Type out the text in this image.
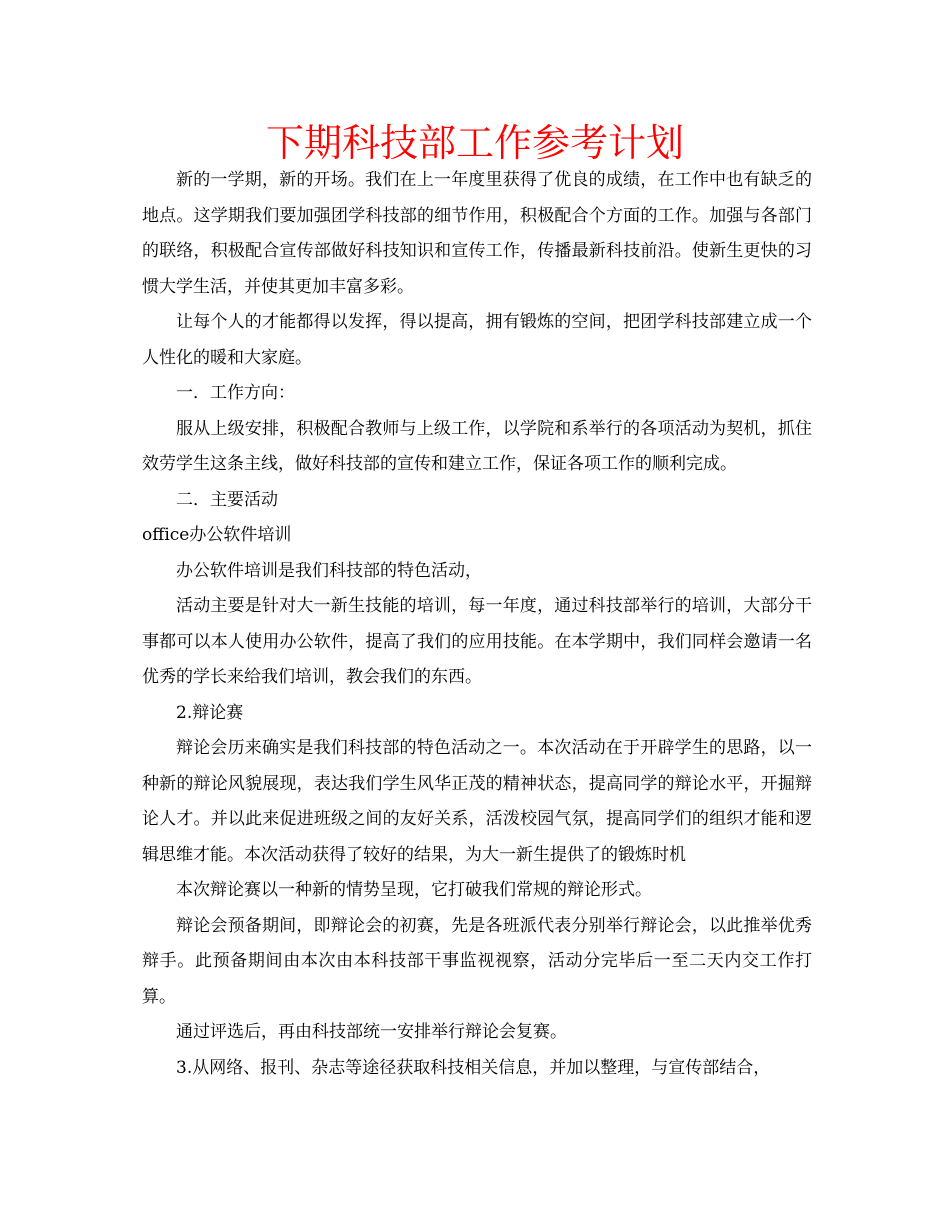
下期科技部工作参考计划

新的一学期，新的开场。我们在上一年度里获得了优良的成绩，在工作中也有缺乏的地点。这学期我们要加强团学科技部的细节作用，积极配合个方面的工作。加强与各部门的联络，积极配合宣传部做好科技知识和宣传工作，传播最新科技前沿。使新生更快的习惯大学生活，并使其更加丰富多彩。

让每个人的才能都得以发挥，得以提高，拥有锻炼的空间，把团学科技部建立成一个人性化的暖和大家庭。

一．工作方向：

服从上级安排，积极配合教师与上级工作，以学院和系举行的各项活动为契机，抓住效劳学生这条主线，做好科技部的宣传和建立工作，保证各项工作的顺利完成。

二．主要活动

office办公软件培训

办公软件培训是我们科技部的特色活动，

活动主要是针对大一新生技能的培训，每一年度，通过科技部举行的培训，大部分干事都可以本人使用办公软件，提高了我们的应用技能。在本学期中，我们同样会邀请一名优秀的学长来给我们培训，教会我们的东西。

2.辩论赛

辩论会历来确实是我们科技部的特色活动之一。本次活动在于开辟学生的思路，以一种新的辩论风貌展现，表达我们学生风华正茂的精神状态，提高同学的辩论水平，开掘辩论人才。并以此来促进班级之间的友好关系，活泼校园气氛，提高同学们的组织才能和逻辑思维才能。本次活动获得了较好的结果，为大一新生提供了的锻炼时机

本次辩论赛以一种新的情势呈现，它打破我们常规的辩论形式。

辩论会预备期间，即辩论会的初赛，先是各班派代表分别举行辩论会，以此推举优秀辩手。此预备期间由本次由本科技部干事监视视察，活动分完毕后一至二天内交工作打算。

通过评选后，再由科技部统一安排举行辩论会复赛。

3.从网络、报刊、杂志等途径获取科技相关信息，并加以整理，与宣传部结合，
